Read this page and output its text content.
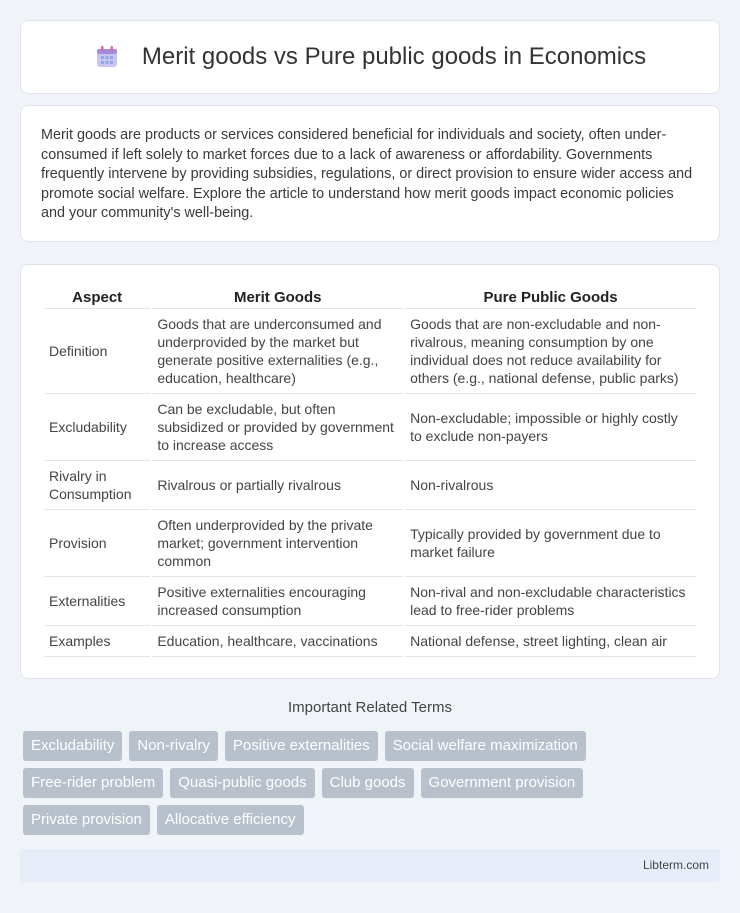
Merit goods vs Pure public goods in Economics

Merit goods are products or services considered beneficial for individuals and society, often under-consumed if left solely to market forces due to a lack of awareness or affordability. Governments frequently intervene by providing subsidies, regulations, or direct provision to ensure wider access and promote social welfare. Explore the article to understand how merit goods impact economic policies and your community's well-being.

Aspect	Merit Goods	Pure Public Goods
Definition	Goods that are underconsumed and underprovided by the market but generate positive externalities (e.g., education, healthcare)	Goods that are non-excludable and non-rivalrous, meaning consumption by one individual does not reduce availability for others (e.g., national defense, public parks)
Excludability	Can be excludable, but often subsidized or provided by government to increase access	Non-excludable; impossible or highly costly to exclude non-payers
Rivalry in Consumption	Rivalrous or partially rivalrous	Non-rivalrous
Provision	Often underprovided by the private market; government intervention common	Typically provided by government due to market failure
Externalities	Positive externalities encouraging increased consumption	Non-rival and non-excludable characteristics lead to free-rider problems
Examples	Education, healthcare, vaccinations	National defense, street lighting, clean air
Important Related Terms
Excludability	Non-rivalry	Positive externalities	Social welfare maximization
Free-rider problem	Quasi-public goods	Club goods	Government provision
Private provision	Allocative efficiency
Libterm.com
